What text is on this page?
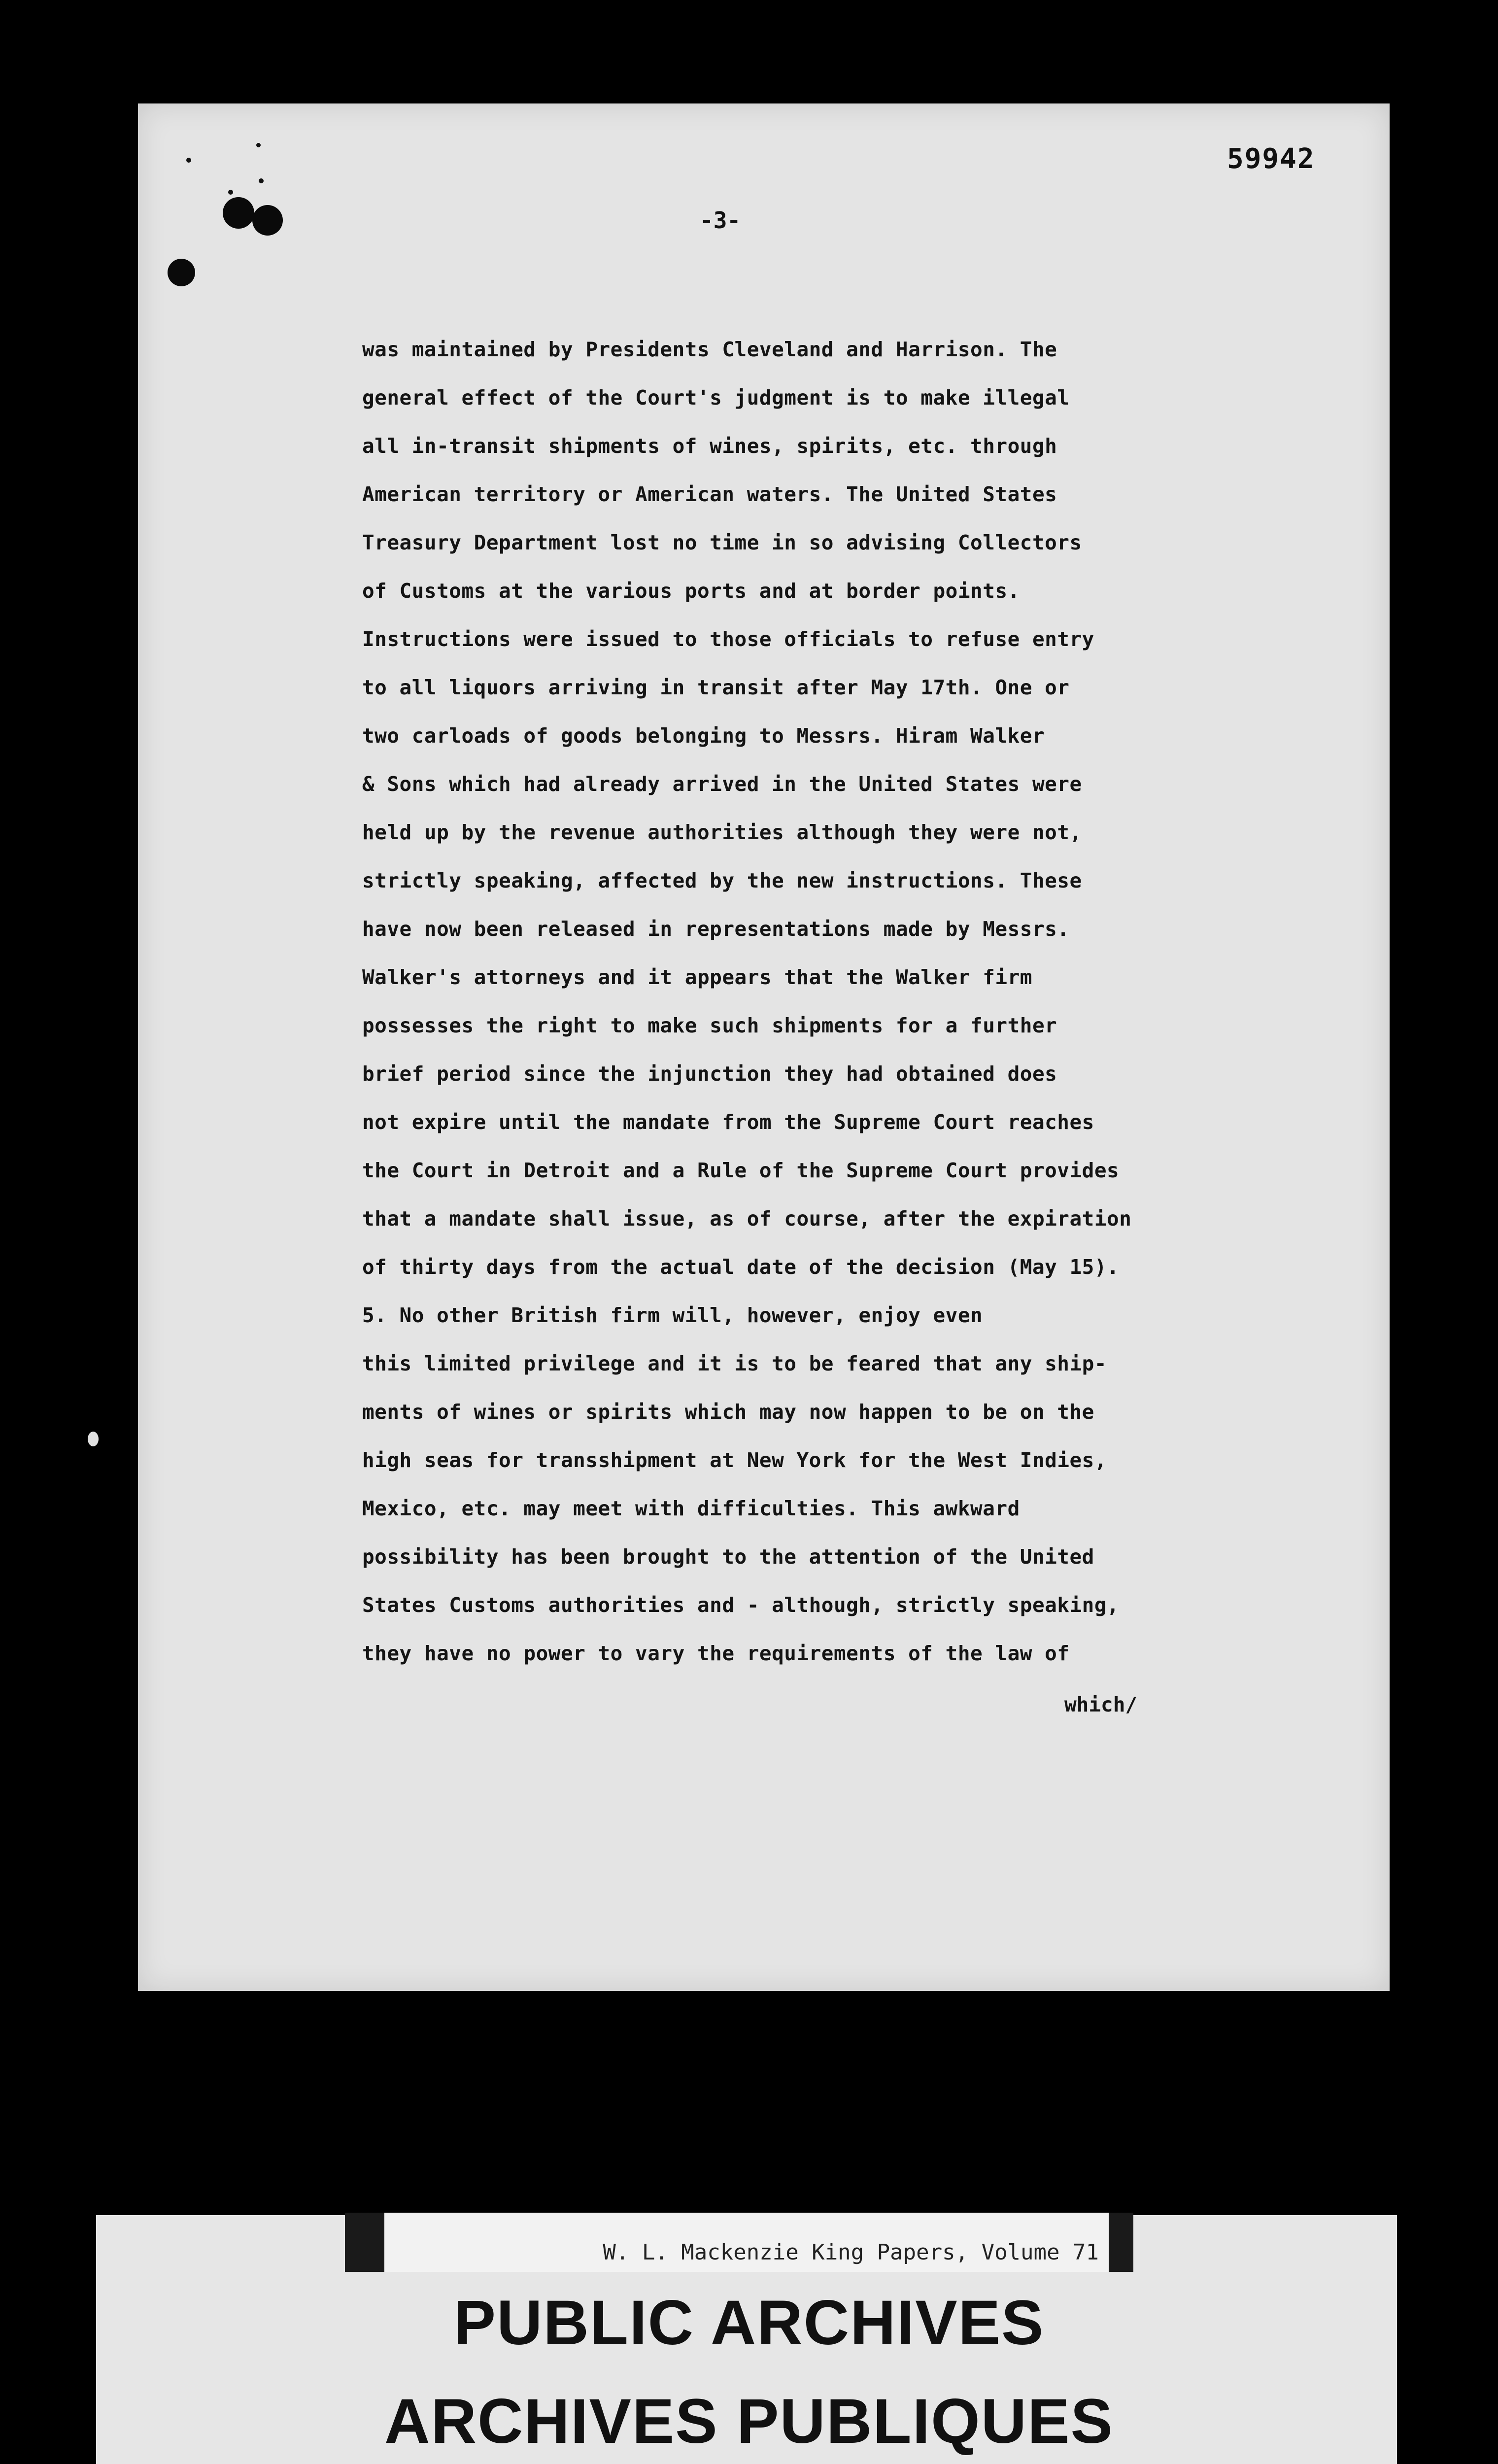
59942
-3-
was maintained by Presidents Cleveland and Harrison. The
general effect of the Court's judgment is to make illegal
all in-transit shipments of wines, spirits, etc. through
American territory or American waters. The United States
Treasury Department lost no time in so advising Collectors
of Customs at the various ports and at border points.
Instructions were issued to those officials to refuse entry
to all liquors arriving in transit after May 17th. One or
two carloads of goods belonging to Messrs. Hiram Walker
& Sons which had already arrived in the United States were
held up by the revenue authorities although they were not,
strictly speaking, affected by the new instructions. These
have now been released in representations made by Messrs.
Walker's attorneys and it appears that the Walker firm
possesses the right to make such shipments for a further
brief period since the injunction they had obtained does
not expire until the mandate from the Supreme Court reaches
the Court in Detroit and a Rule of the Supreme Court provides
that a mandate shall issue, as of course, after the expiration
of thirty days from the actual date of the decision (May 15).
5. No other British firm will, however, enjoy even
this limited privilege and it is to be feared that any ship-
ments of wines or spirits which may now happen to be on the
high seas for transshipment at New York for the West Indies,
Mexico, etc. may meet with difficulties. This awkward
possibility has been brought to the attention of the United
States Customs authorities and - although, strictly speaking,
they have no power to vary the requirements of the law of
which/
W. L. Mackenzie King Papers, Volume 71
PUBLIC ARCHIVES
ARCHIVES PUBLIQUES
